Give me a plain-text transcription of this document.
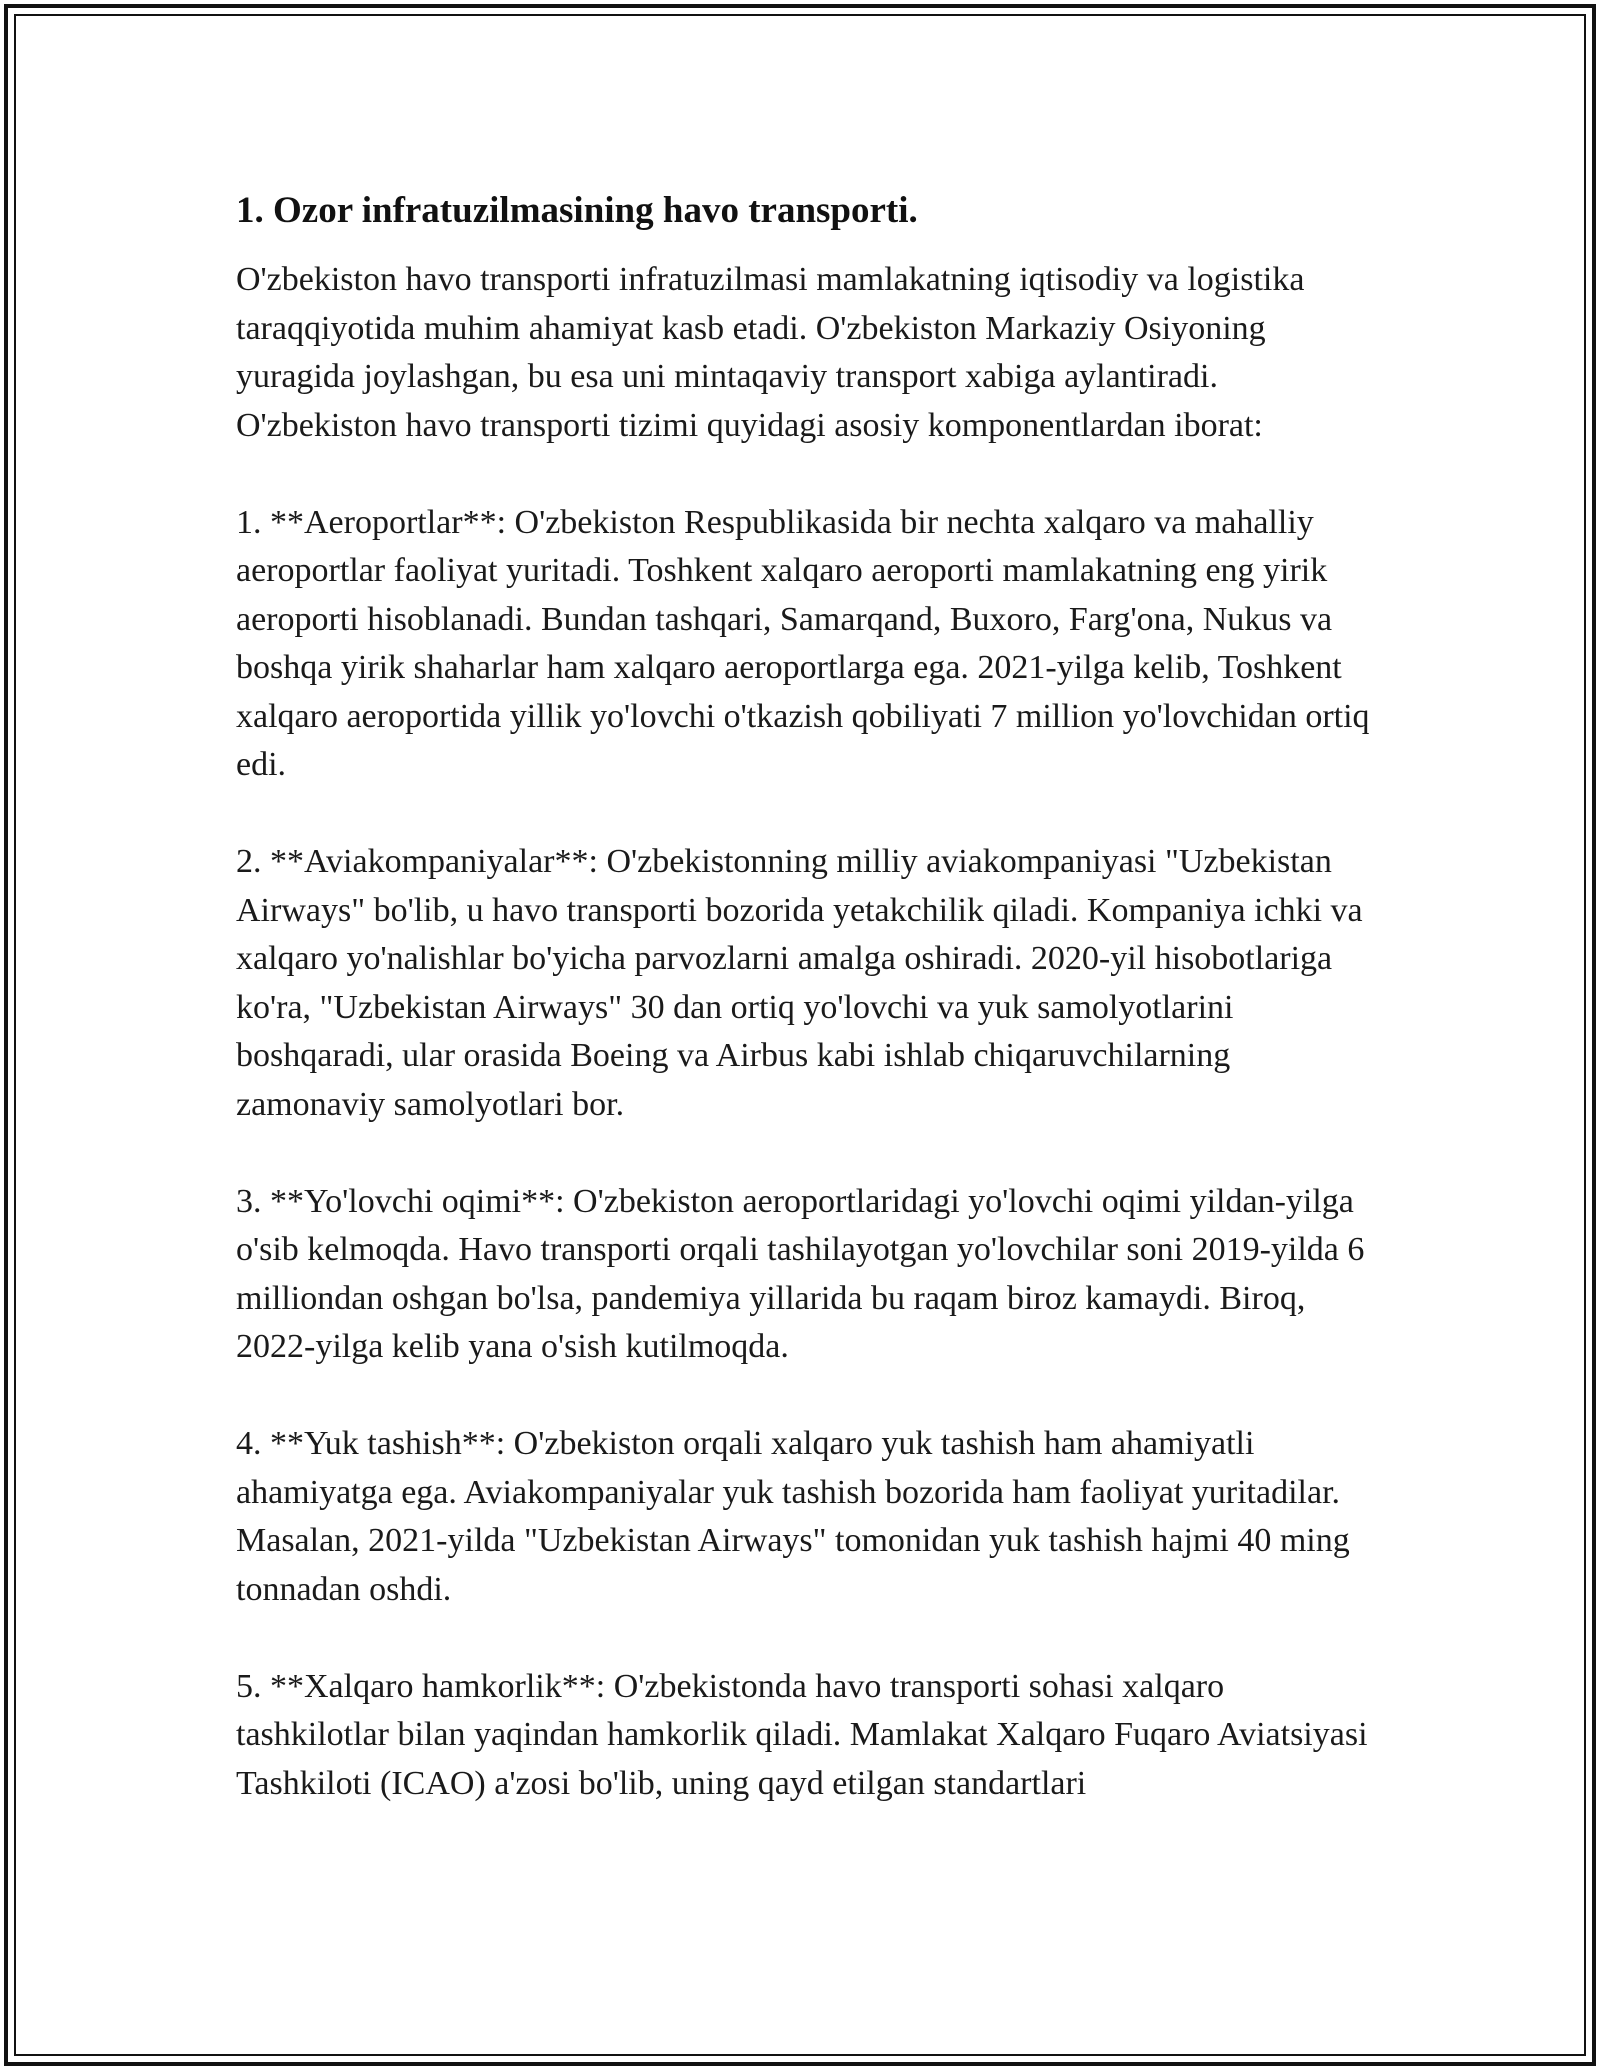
1. Ozor infratuzilmasining havo transporti.

O'zbekiston havo transporti infratuzilmasi mamlakatning iqtisodiy va logistika taraqqiyotida muhim ahamiyat kasb etadi. O'zbekiston Markaziy Osiyoning yuragida joylashgan, bu esa uni mintaqaviy transport xabiga aylantiradi. O'zbekiston havo transporti tizimi quyidagi asosiy komponentlardan iborat:

1. **Aeroportlar**: O'zbekiston Respublikasida bir nechta xalqaro va mahalliy aeroportlar faoliyat yuritadi. Toshkent xalqaro aeroporti mamlakatning eng yirik aeroporti hisoblanadi. Bundan tashqari, Samarqand, Buxoro, Farg'ona, Nukus va boshqa yirik shaharlar ham xalqaro aeroportlarga ega. 2021-yilga kelib, Toshkent xalqaro aeroportida yillik yo'lovchi o'tkazish qobiliyati 7 million yo'lovchidan ortiq edi.

2. **Aviakompaniyalar**: O'zbekistonning milliy aviakompaniyasi "Uzbekistan Airways" bo'lib, u havo transporti bozorida yetakchilik qiladi. Kompaniya ichki va xalqaro yo'nalishlar bo'yicha parvozlarni amalga oshiradi. 2020-yil hisobotlariga ko'ra, "Uzbekistan Airways" 30 dan ortiq yo'lovchi va yuk samolyotlarini boshqaradi, ular orasida Boeing va Airbus kabi ishlab chiqaruvchilarning zamonaviy samolyotlari bor.

3. **Yo'lovchi oqimi**: O'zbekiston aeroportlaridagi yo'lovchi oqimi yildan-yilga o'sib kelmoqda. Havo transporti orqali tashilayotgan yo'lovchilar soni 2019-yilda 6 milliondan oshgan bo'lsa, pandemiya yillarida bu raqam biroz kamaydi. Biroq, 2022-yilga kelib yana o'sish kutilmoqda.

4. **Yuk tashish**: O'zbekiston orqali xalqaro yuk tashish ham ahamiyatli ahamiyatga ega. Aviakompaniyalar yuk tashish bozorida ham faoliyat yuritadilar. Masalan, 2021-yilda "Uzbekistan Airways" tomonidan yuk tashish hajmi 40 ming tonnadan oshdi.

5. **Xalqaro hamkorlik**: O'zbekistonda havo transporti sohasi xalqaro tashkilotlar bilan yaqindan hamkorlik qiladi. Mamlakat Xalqaro Fuqaro Aviatsiyasi Tashkiloti (ICAO) a'zosi bo'lib, uning qayd etilgan standartlari
